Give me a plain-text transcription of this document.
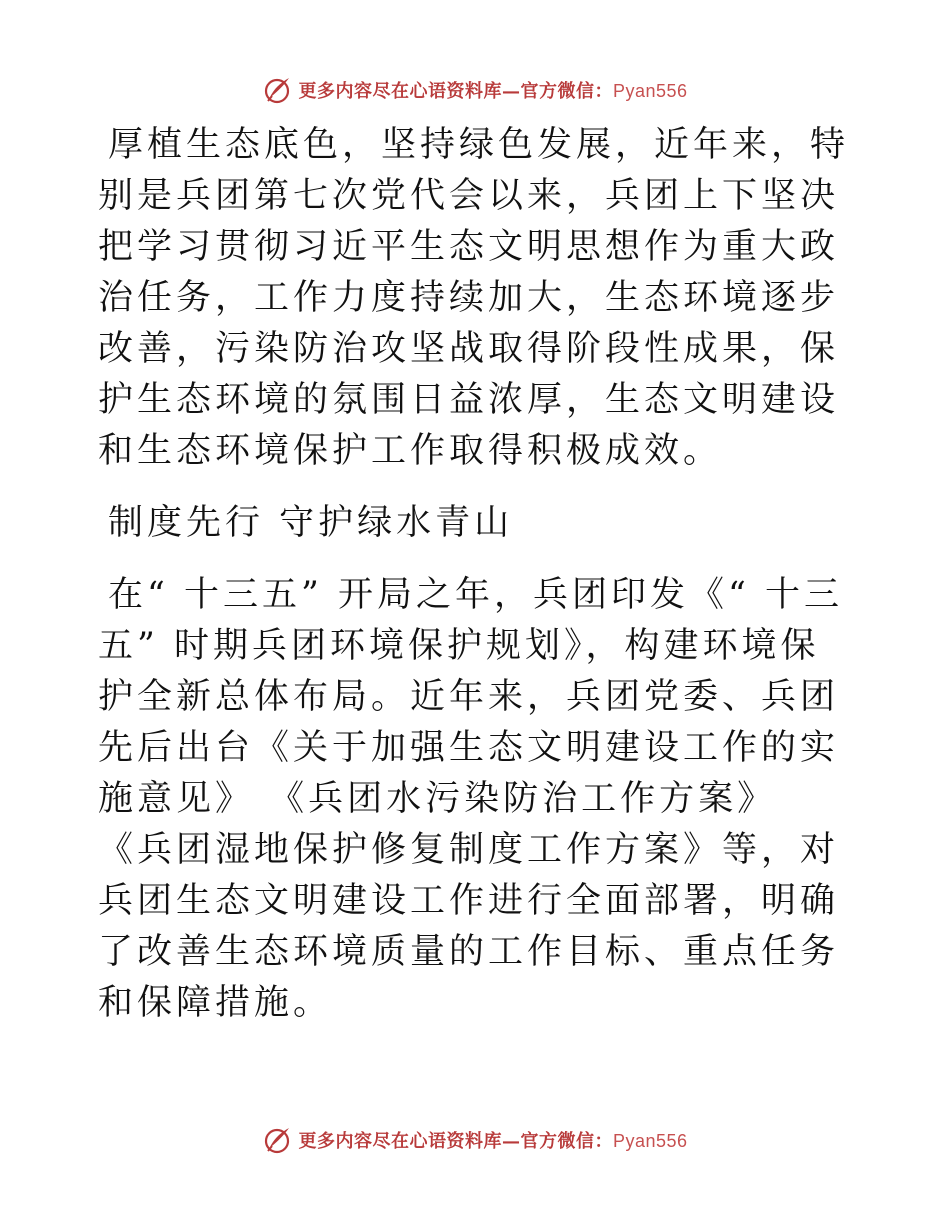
更多内容尽在心语资料库—官方微信：Pyan556

厚植生态底色，坚持绿色发展，近年来，特别是兵团第七次党代会以来，兵团上下坚决把学习贯彻习近平生态文明思想作为重大政治任务，工作力度持续加大，生态环境逐步改善，污染防治攻坚战取得阶段性成果，保护生态环境的氛围日益浓厚，生态文明建设和生态环境保护工作取得积极成效。

制度先行 守护绿水青山

在“ 十三五” 开局之年，兵团印发《“ 十三五” 时期兵团环境保护规划》，构建环境保护全新总体布局。近年来，兵团党委、兵团先后出台《关于加强生态文明建设工作的实施意见》 《兵团水污染防治工作方案》 《兵团湿地保护修复制度工作方案》等，对兵团生态文明建设工作进行全面部署，明确了改善生态环境质量的工作目标、重点任务和保障措施。

更多内容尽在心语资料库—官方微信：Pyan556
